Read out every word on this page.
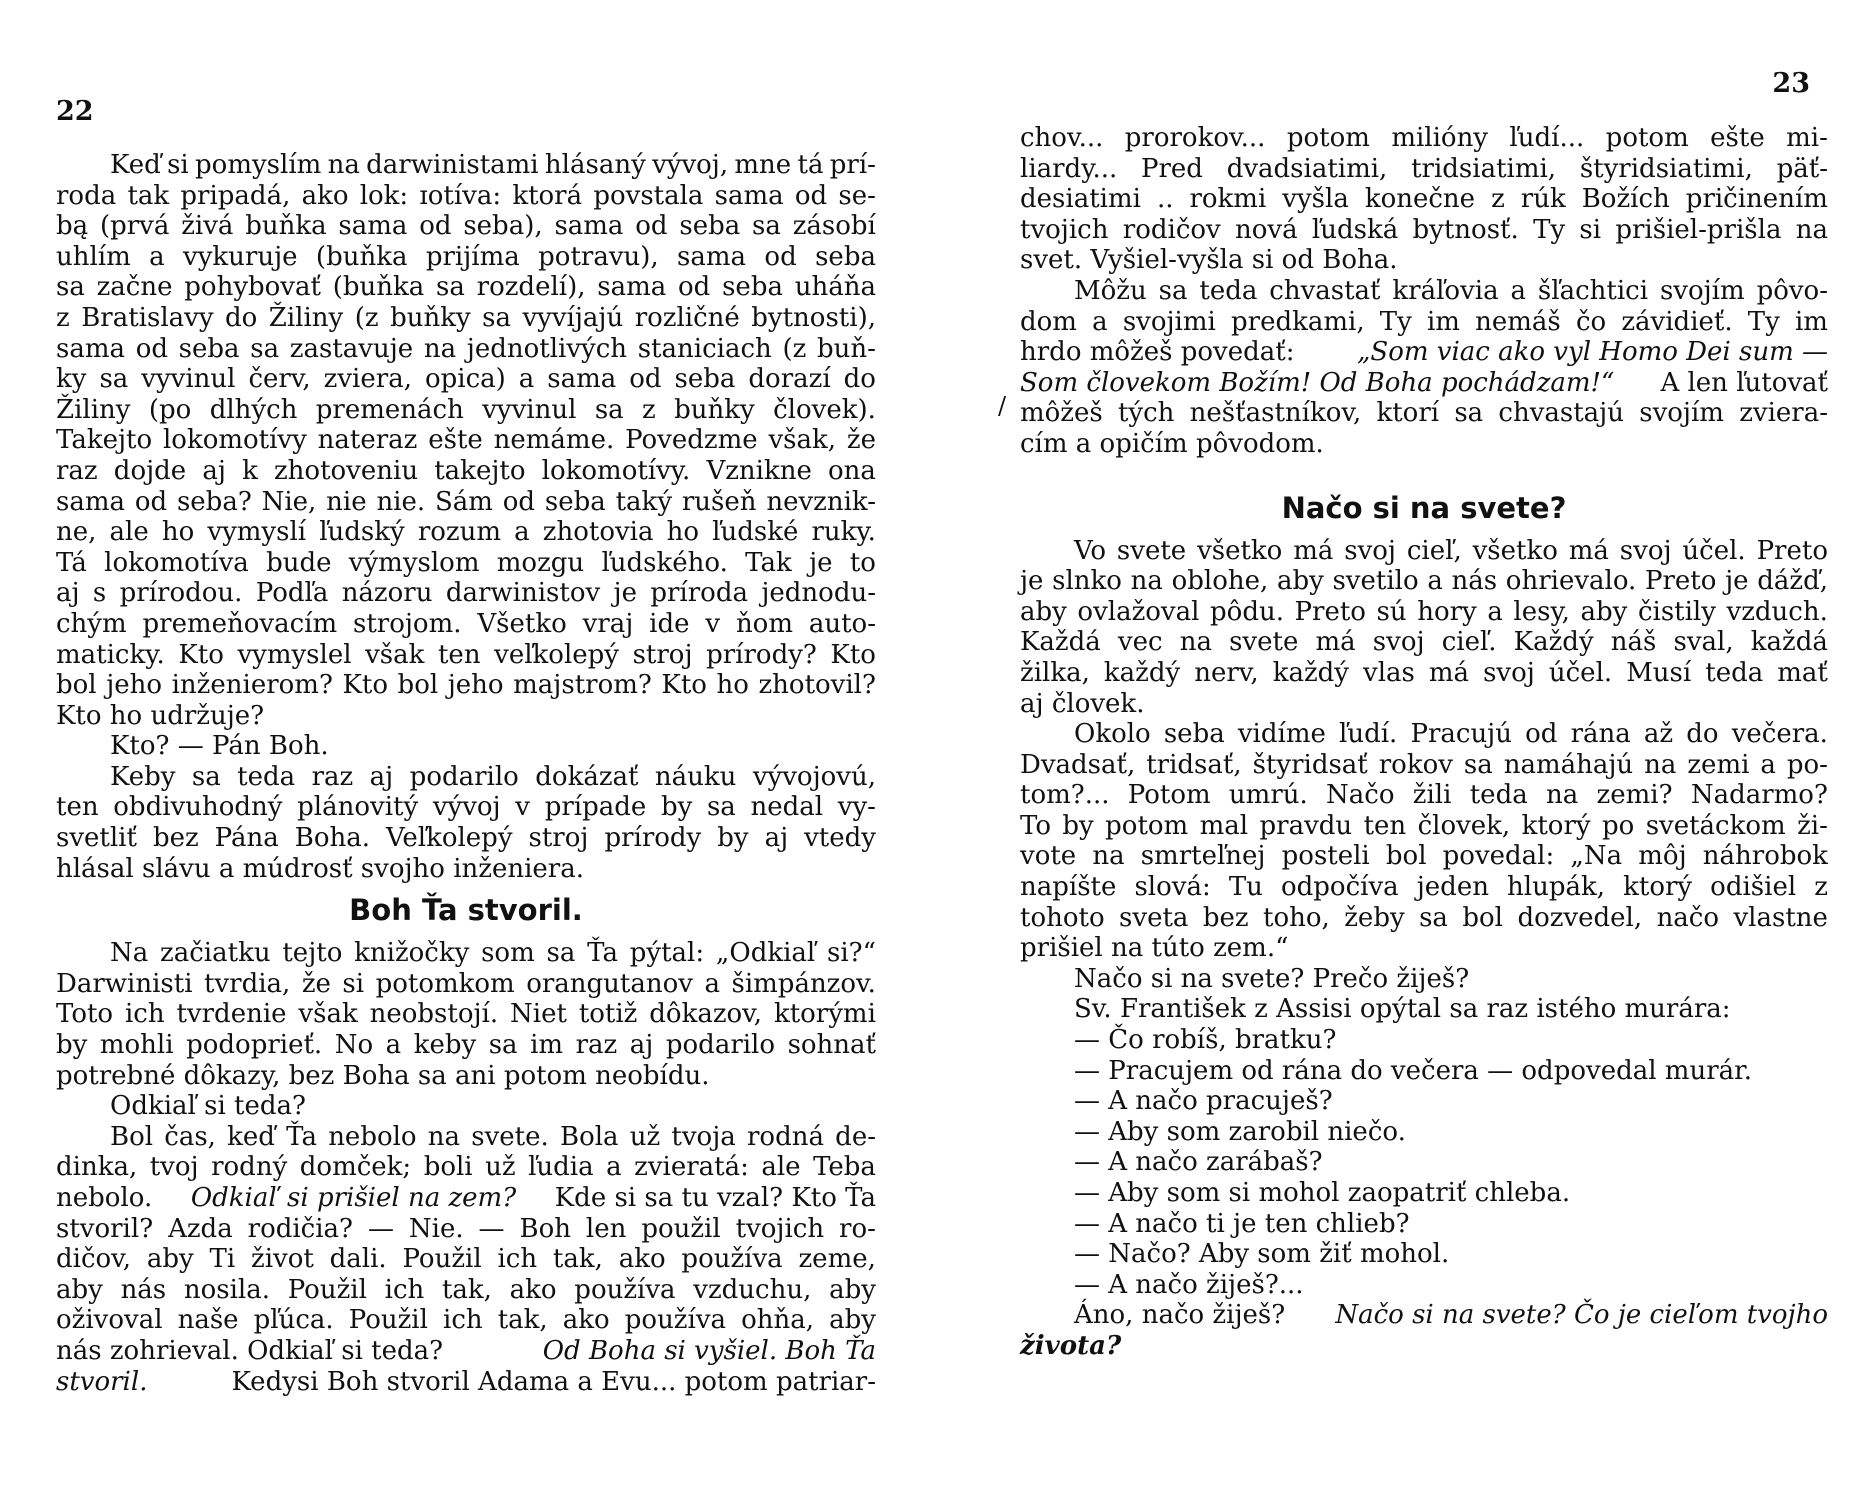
22
Keď si pomyslím na darwinistami hlásaný vývoj, mne tá prí-
roda tak pripadá, ako lok: ɪotíva: ktorá povstala sama od se-
bą (prvá živá buňka sama od seba), sama od seba sa zásobí
uhlím a vykuruje (buňka prijíma potravu), sama od seba
sa začne pohybovať (buňka sa rozdelí), sama od seba uháňa
z Bratislavy do Žiliny (z buňky sa vyvíjajú rozličné bytnosti),
sama od seba sa zastavuje na jednotlivých staniciach (z buň-
ky sa vyvinul červ, zviera, opica) a sama od seba dorazí do
Žiliny (po dlhých premenách vyvinul sa z buňky človek).
Takejto lokomotívy nateraz ešte nemáme. Povedzme však, že
raz dojde aj k zhotoveniu takejto lokomotívy. Vznikne ona
sama od seba? Nie, nie nie. Sám od seba taký rušeň nevznik-
ne, ale ho vymyslí ľudský rozum a zhotovia ho ľudské ruky.
Tá lokomotíva bude výmyslom mozgu ľudského. Tak je to
aj s prírodou. Podľa názoru darwinistov je príroda jednodu-
chým premeňovacím strojom. Všetko vraj ide v ňom auto-
maticky. Kto vymyslel však ten veľkolepý stroj prírody? Kto
bol jeho inženierom? Kto bol jeho majstrom? Kto ho zhotovil?
Kto ho udržuje?
Kto? — Pán Boh.
Keby sa teda raz aj podarilo dokázať náuku vývojovú,
ten obdivuhodný plánovitý vývoj v prípade by sa nedal vy-
svetliť bez Pána Boha. Veľkolepý stroj prírody by aj vtedy
hlásal slávu a múdrosť svojho inženiera.
Boh Ťa stvoril.
Na začiatku tejto knižočky som sa Ťa pýtal: „Odkiaľ si?“
Darwinisti tvrdia, že si potomkom orangutanov a šimpánzov.
Toto ich tvrdenie však neobstojí. Niet totiž dôkazov, ktorými
by mohli podoprieť. No a keby sa im raz aj podarilo sohnať
potrebné dôkazy, bez Boha sa ani potom neobídu.
Odkiaľ si teda?
Bol čas, keď Ťa nebolo na svete. Bola už tvoja rodná de-
dinka, tvoj rodný domček; boli už ľudia a zvieratá: ale Teba
nebolo. Odkiaľ si prišiel na zem? Kde si sa tu vzal? Kto Ťa
stvoril? Azda rodičia? — Nie. — Boh len použil tvojich ro-
dičov, aby Ti život dali. Použil ich tak, ako používa zeme,
aby nás nosila. Použil ich tak, ako používa vzduchu, aby
oživoval naše pľúca. Použil ich tak, ako používa ohňa, aby
nás zohrieval. Odkiaľ si teda?	Od Boha si vyšiel. Boh Ťa
stvoril.	Kedysi Boh stvoril Adama a Evu... potom patriar-
/
23
chov... prorokov... potom milióny ľudí... potom ešte mi-
liardy... Pred dvadsiatimi, tridsiatimi, štyridsiatimi, päť-
desiatimi .. rokmi vyšla konečne z rúk Božích pričinením
tvojich rodičov nová ľudská bytnosť. Ty si prišiel-prišla na
svet. Vyšiel-vyšla si od Boha.
Môžu sa teda chvastať kráľovia a šľachtici svojím pôvo-
dom a svojimi predkami, Ty im nemáš čo závidieť. Ty im
hrdo môžeš povedať: „Som viac ako vyl Homo Dei sum —
Som človekom Božím! Od Boha pochádzam!“ A len ľutovať
môžeš tých nešťastníkov, ktorí sa chvastajú svojím zviera-
cím a opičím pôvodom.
Načo si na svete?
Vo svete všetko má svoj cieľ, všetko má svoj účel. Preto
je slnko na oblohe, aby svetilo a nás ohrievalo. Preto je dážď,
aby ovlažoval pôdu. Preto sú hory a lesy, aby čistily vzduch.
Každá vec na svete má svoj cieľ. Každý náš sval, každá
žilka, každý nerv, každý vlas má svoj účel. Musí teda mať
aj človek.
Okolo seba vidíme ľudí. Pracujú od rána až do večera.
Dvadsať, tridsať, štyridsať rokov sa namáhajú na zemi a po-
tom?... Potom umrú. Načo žili teda na zemi? Nadarmo?
To by potom mal pravdu ten človek, ktorý po svetáckom ži-
vote na smrteľnej posteli bol povedal: „Na môj náhrobok
napíšte slová: Tu odpočíva jeden hlupák, ktorý odišiel z
tohoto sveta bez toho, žeby sa bol dozvedel, načo vlastne
prišiel na túto zem.“
Načo si na svete? Prečo žiješ?
Sv. František z Assisi opýtal sa raz istého murára:
— Čo robíš, bratku?
— Pracujem od rána do večera — odpovedal murár.
— A načo pracuješ?
— Aby som zarobil niečo.
— A načo zarábaš?
— Aby som si mohol zaopatriť chleba.
— A načo ti je ten chlieb?
— Načo? Aby som žiť mohol.
— A načo žiješ?...
Áno, načo žiješ? Načo si na svete? Čo je cieľom tvojho
života?
